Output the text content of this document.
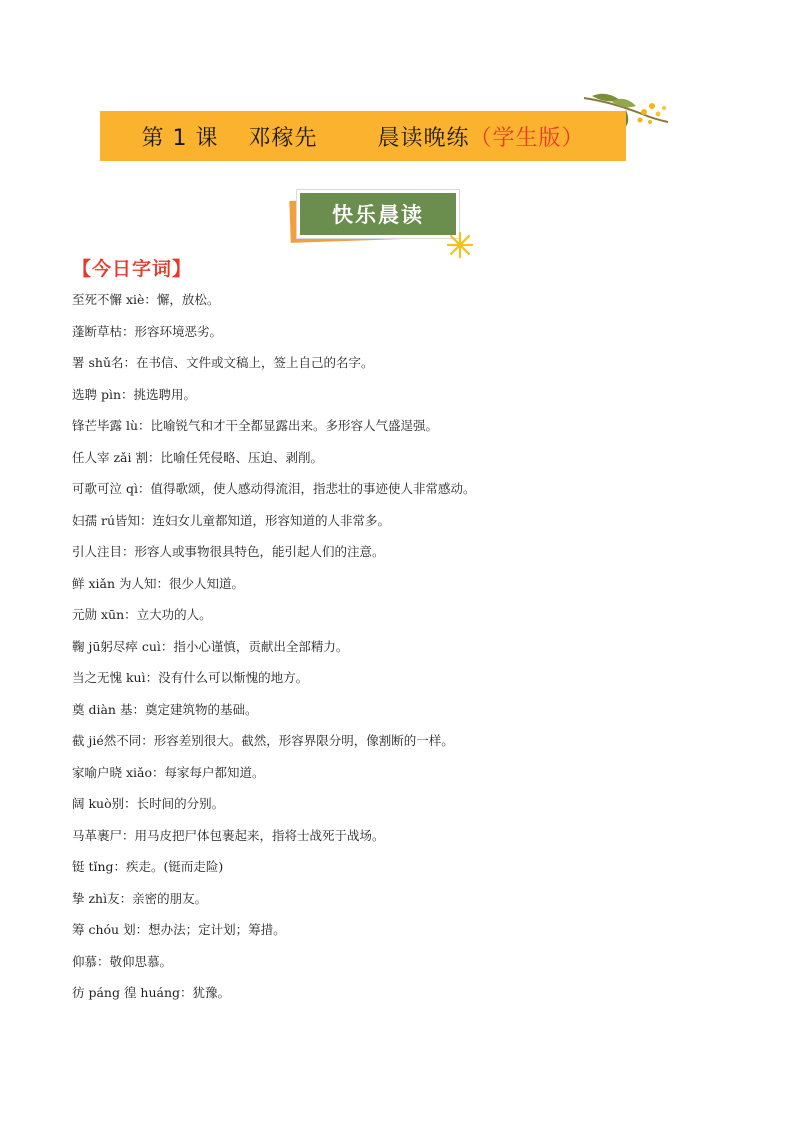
第 1 课 邓稼先	晨读晚练 （学生版）
快乐晨读
【今日字词】
至死不懈 xiè：懈，放松。
蓬断草枯：形容环境恶劣。
署 shǔ名：在书信、文件或文稿上，签上自己的名字。
选聘 pìn：挑选聘用。
锋芒毕露 lù：比喻锐气和才干全都显露出来。多形容人气盛逞强。
任人宰 zǎi 割：比喻任凭侵略、压迫、剥削。
可歌可泣 qì：值得歌颂，使人感动得流泪，指悲壮的事迹使人非常感动。
妇孺 rú皆知：连妇女儿童都知道，形容知道的人非常多。
引人注目：形容人或事物很具特色，能引起人们的注意。
鲜 xiǎn 为人知：很少人知道。
元勋 xūn：立大功的人。
鞠 jū躬尽瘁 cuì：指小心谨慎，贡献出全部精力。
当之无愧 kuì：没有什么可以惭愧的地方。
奠 diàn 基：奠定建筑物的基础。
截 jié然不同：形容差别很大。截然，形容界限分明，像割断的一样。
家喻户晓 xiǎo：每家每户都知道。
阔 kuò别：长时间的分别。
马革裹尸：用马皮把尸体包裹起来，指将士战死于战场。
铤 tǐng：疾走。(铤而走险)
挚 zhì友：亲密的朋友。
筹 chóu 划：想办法；定计划；筹措。
仰慕：敬仰思慕。
彷 páng 徨 huáng：犹豫。
